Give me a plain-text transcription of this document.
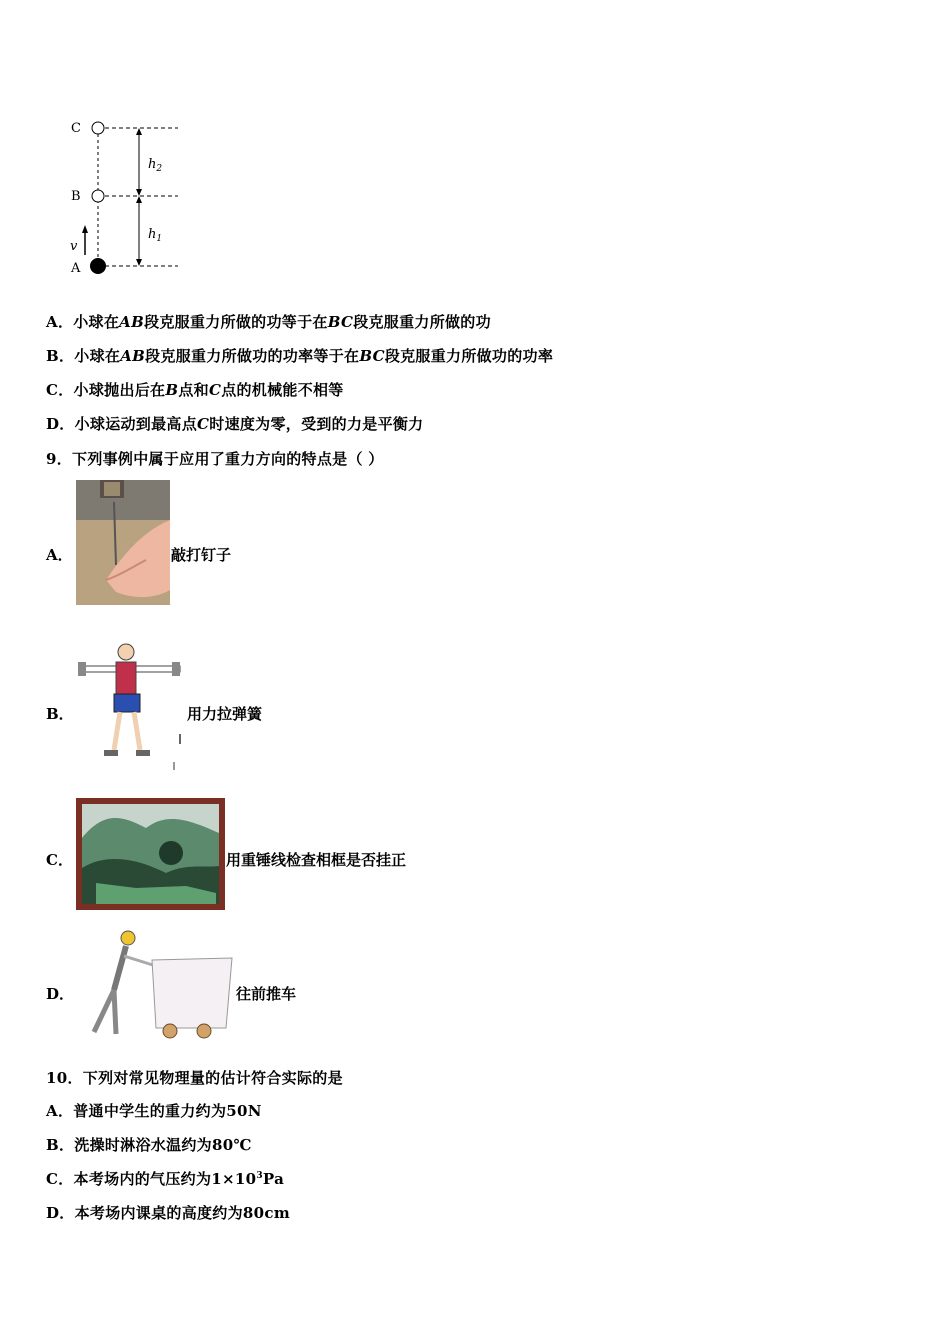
C
B
A
v
$h_2$
$h_1$
A．小球在AB段克服重力所做的功等于在BC段克服重力所做的功
B．小球在AB段克服重力所做功的功率等于在BC段克服重力所做功的功率
C．小球抛出后在B点和C点的机械能不相等
D．小球运动到最高点C时速度为零，受到的力是平衡力
9．下列事例中属于应用了重力方向的特点是（ ）
A．	敲打钉子
B．	用力拉弹簧
C．	用重锤线检查相框是否挂正
D．	往前推车
10．下列对常见物理量的估计符合实际的是
A．普通中学生的重力约为50N
B．洗操时淋浴水温约为80℃
C．本考场内的气压约为$1\times 10^3Pa$
D．本考场内课桌的高度约为80cm
